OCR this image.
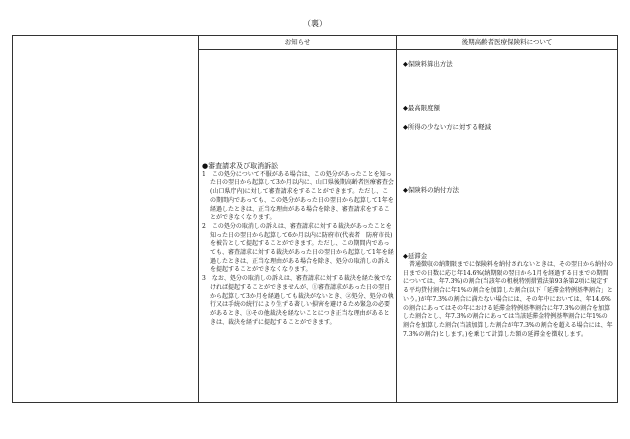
（裏）
お知らせ

●審査請求及び取消訴訟

1　この処分について不服がある場合は、この処分があったことを知った日の翌日から起算して3か月以内に、山口県後期高齢者医療審査会(山口県庁内)に対して審査請求をすることができます。ただし、この期間内であっても、この処分があった日の翌日から起算して1年を経過したときは、正当な理由がある場合を除き、審査請求をすることができなくなります。

2　この処分の取消しの訴えは、審査請求に対する裁決があったことを知った日の翌日から起算して6か月以内に防府市(代表者　防府市長)を被告として提起することができます。ただし、この期間内であっても、審査請求に対する裁決があった日の翌日から起算して1年を経過したときは、正当な理由がある場合を除き、処分の取消しの訴えを提起することができなくなります。

3　なお、処分の取消しの訴えは、審査請求に対する裁決を経た後でなければ提起することができませんが、①審査請求があった日の翌日から起算して3か月を経過しても裁決がないとき、②処分、処分の執行又は手続の続行により生ずる著しい損害を避けるため緊急の必要があるとき、③その他裁決を経ないことにつき正当な理由があるときは、裁決を経ずに提起することができます。

後期高齢者医療保険料について
◆保険料算出方法
◆最高限度額
◆所得の少ない方に対する軽減
◆保険料の納付方法
◆延滞金

普通徴収の納期限までに保険料を納付されないときは、その翌日から納付の日までの日数に応じ年14.6%(納期限の翌日から1月を経過する日までの期間については、年7.3%)の割合(当該年の租税特別措置法第93条第2項に規定する平均貸付割合に年1%の割合を加算した割合(以下「延滞金特例基準割合」という。)が年7.3%の割合に満たない場合には、その年中においては、年14.6%の割合にあってはその年における延滞金特例基準割合に年7.3%の割合を加算した割合とし、年7.3%の割合にあっては当該延滞金特例基準割合に年1%の割合を加算した割合(当該加算した割合が年7.3%の割合を超える場合には、年7.3%の割合)とします。)を乗じて計算した額の延滞金を徴収します。
